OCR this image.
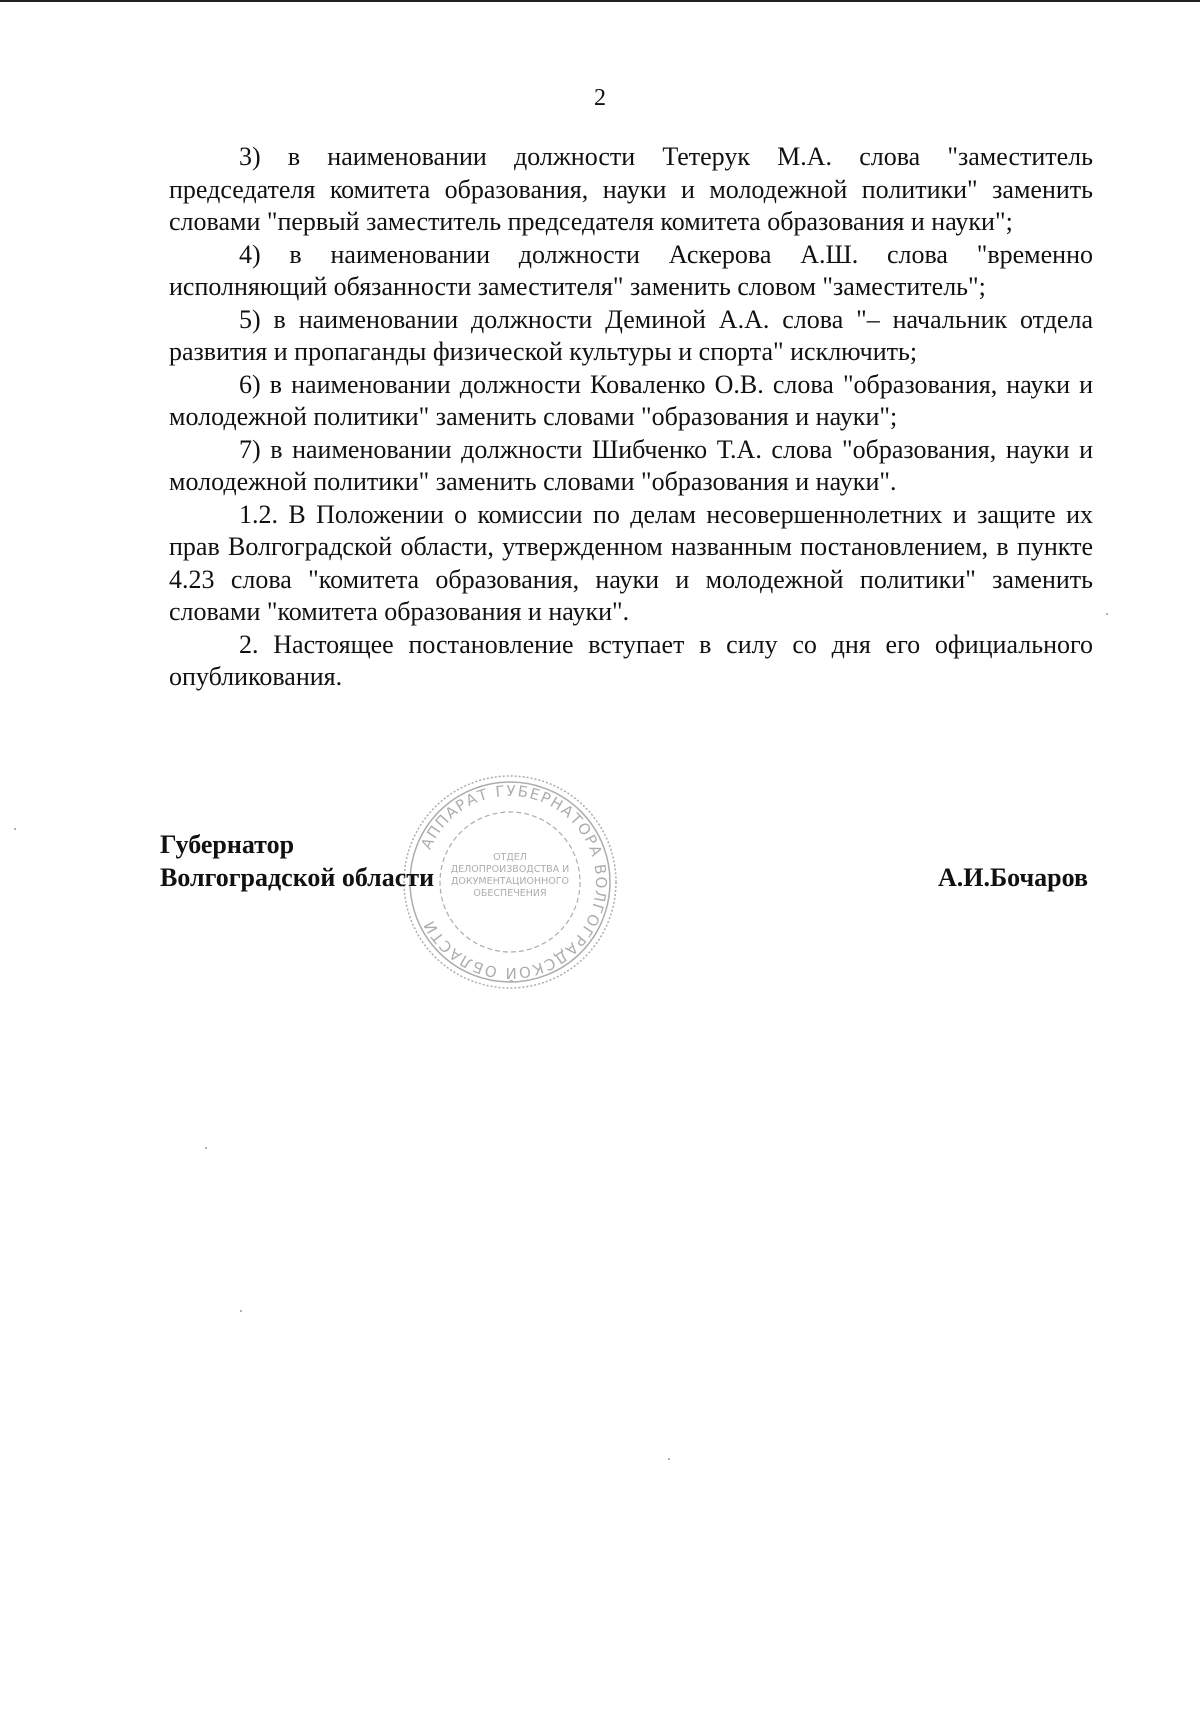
2

3) в наименовании должности Тетерук М.А. слова "заместитель председателя комитета образования, науки и молодежной политики" заменить словами "первый заместитель председателя комитета образования и науки";

4) в наименовании должности Аскерова А.Ш. слова "временно исполняющий обязанности заместителя" заменить словом "заместитель";

5) в наименовании должности Деминой А.А. слова "– начальник отдела развития и пропаганды физической культуры и спорта" исключить;

6) в наименовании должности Коваленко О.В. слова "образования, науки и молодежной политики" заменить словами "образования и науки";

7) в наименовании должности Шибченко Т.А. слова "образования, науки и молодежной политики" заменить словами "образования и науки".

1.2. В Положении о комиссии по делам несовершеннолетних и защите их прав Волгоградской области, утвержденном названным постановлением, в пункте 4.23 слова "комитета образования, науки и молодежной политики" заменить словами "комитета образования и науки".

2. Настоящее постановление вступает в силу со дня его официального опубликования.

АППАРАТ ГУБЕРНАТОРА ВОЛГОГРАДСКОЙ ОБЛАСТИ
ОТДЕЛ ДЕЛОПРОИЗВОДСТВА И ДОКУМЕНТАЦИОННОГО ОБЕСПЕЧЕНИЯ
Губернатор
Волгоградской области	А.И.Бочаров
